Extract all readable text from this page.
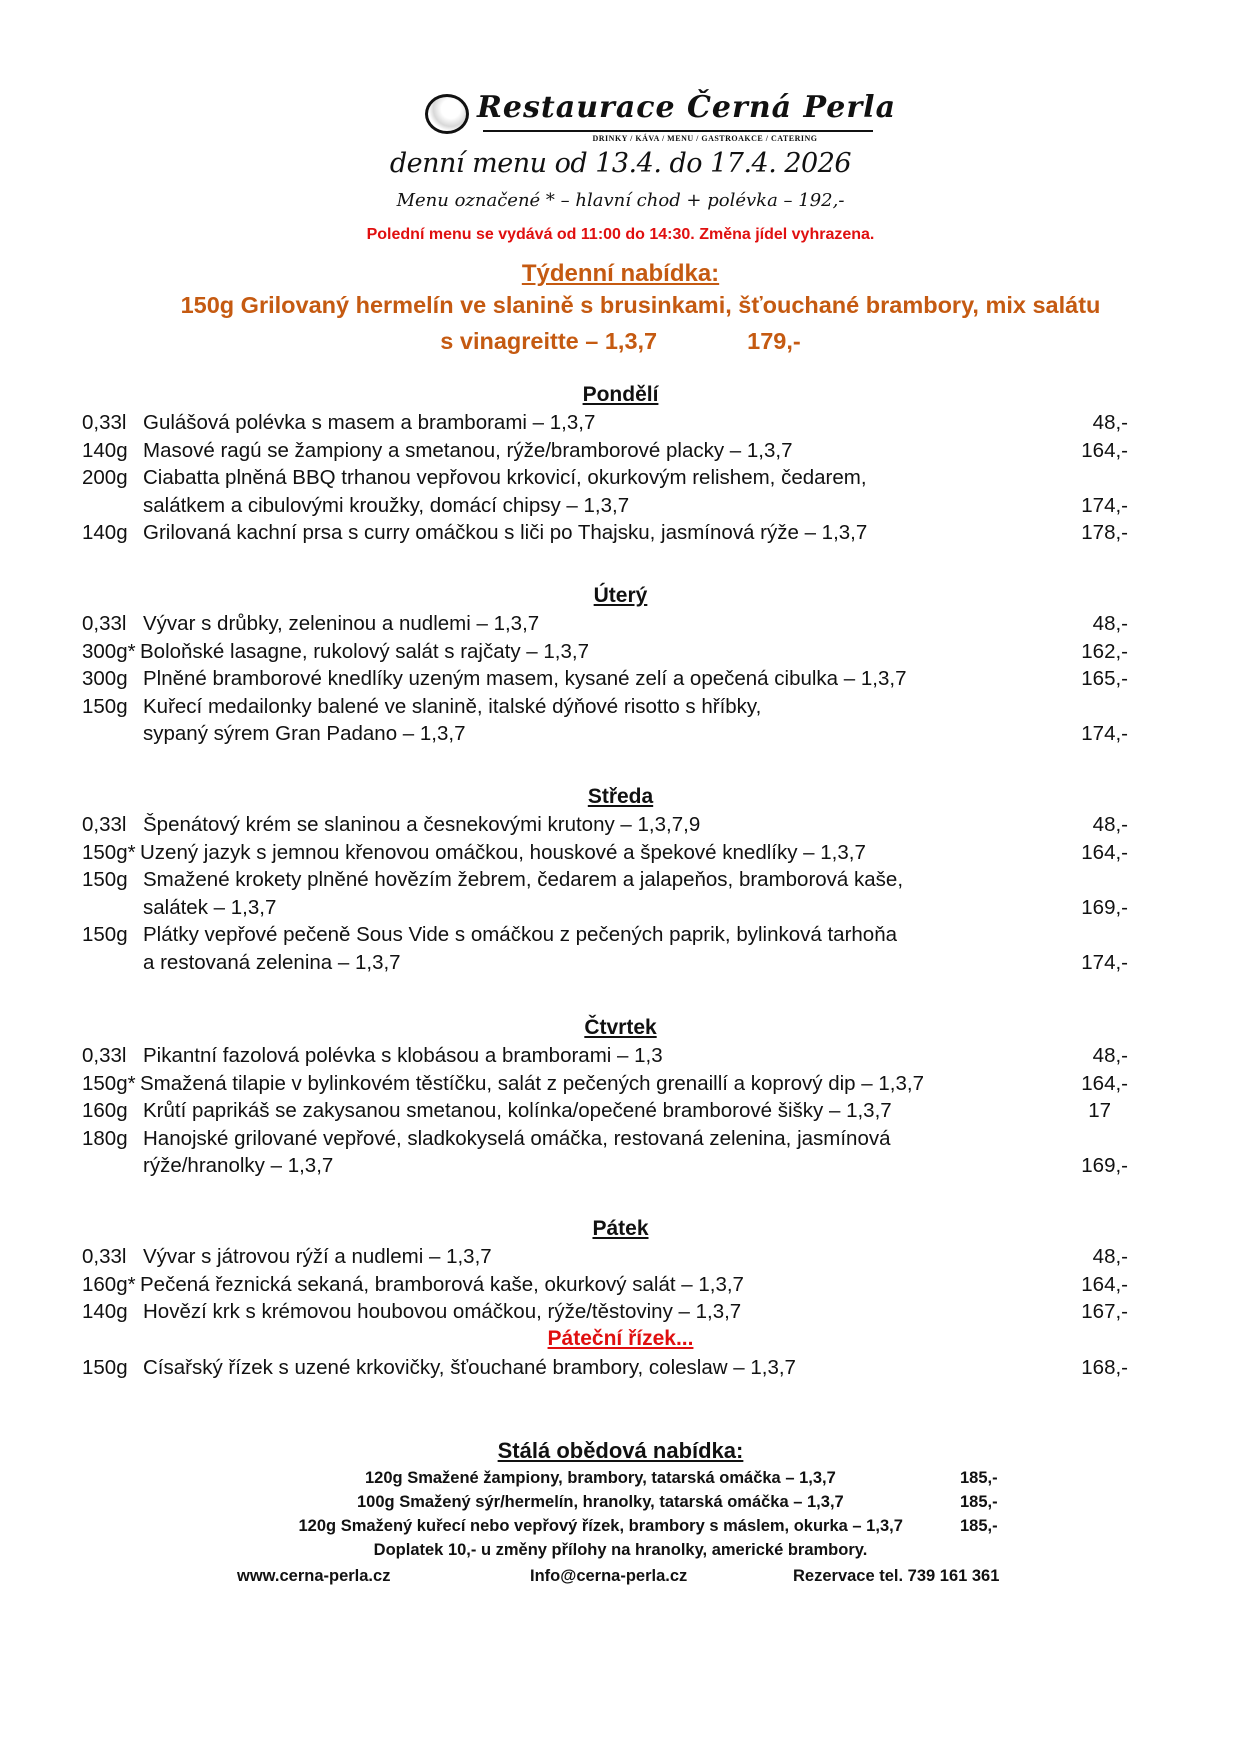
Restaurace Černá Perla
DRINKY / KÁVA / MENU / GASTROAKCE / CATERING
denní menu od 13.4. do 17.4. 2026
Menu označené * – hlavní chod + polévka – 192,-
Polední menu se vydává od 11:00 do 14:30. Změna jídel vyhrazena.
Týdenní nabídka:
150g Grilovaný hermelín ve slanině s brusinkami, šťouchané brambory, mix salátu
s vinagreitte – 1,3,7	179,-
Pondělí
0,33l Gulášová polévka s masem a bramborami – 1,3,7	48,-
140g Masové ragú se žampiony a smetanou, rýže/bramborové placky – 1,3,7	164,-
200g Ciabatta plněná BBQ trhanou vepřovou krkovicí, okurkovým relishem, čedarem,
salátkem a cibulovými kroužky, domácí chipsy – 1,3,7	174,-
140g Grilovaná kachní prsa s curry omáčkou s liči po Thajsku, jasmínová rýže – 1,3,7	178,-
Úterý
0,33l Vývar s drůbky, zeleninou a nudlemi – 1,3,7	48,-
300g* Boloňské lasagne, rukolový salát s rajčaty – 1,3,7	162,-
300g Plněné bramborové knedlíky uzeným masem, kysané zelí a opečená cibulka – 1,3,7	165,-
150g Kuřecí medailonky balené ve slanině, italské dýňové risotto s hříbky,
sypaný sýrem Gran Padano – 1,3,7	174,-
Středa
0,33l Špenátový krém se slaninou a česnekovými krutony – 1,3,7,9	48,-
150g* Uzený jazyk s jemnou křenovou omáčkou, houskové a špekové knedlíky – 1,3,7	164,-
150g Smažené krokety plněné hovězím žebrem, čedarem a jalapeňos, bramborová kaše,
salátek – 1,3,7	169,-
150g Plátky vepřové pečeně Sous Vide s omáčkou z pečených paprik, bylinková tarhoňa
a restovaná zelenina – 1,3,7	174,-
Čtvrtek
0,33l Pikantní fazolová polévka s klobásou a bramborami – 1,3	48,-
150g* Smažená tilapie v bylinkovém těstíčku, salát z pečených grenaillí a koprový dip – 1,3,7	164,-
160g Krůtí paprikáš se zakysanou smetanou, kolínka/opečené bramborové šišky – 1,3,7	17
180g Hanojské grilované vepřové, sladkokyselá omáčka, restovaná zelenina, jasmínová
rýže/hranolky – 1,3,7	169,-
Pátek
0,33l Vývar s játrovou rýží a nudlemi – 1,3,7	48,-
160g* Pečená řeznická sekaná, bramborová kaše, okurkový salát – 1,3,7	164,-
140g Hovězí krk s krémovou houbovou omáčkou, rýže/těstoviny – 1,3,7	167,-
Páteční řízek...
150g Císařský řízek s uzené krkovičky, šťouchané brambory, coleslaw – 1,3,7	168,-
Stálá obědová nabídka:
120g Smažené žampiony, brambory, tatarská omáčka – 1,3,7	185,-
100g Smažený sýr/hermelín, hranolky, tatarská omáčka – 1,3,7	185,-
120g Smažený kuřecí nebo vepřový řízek, brambory s máslem, okurka – 1,3,7	185,-
Doplatek 10,- u změny přílohy na hranolky, americké brambory.
www.cerna-perla.cz	Info@cerna-perla.cz	Rezervace tel. 739 161 361
